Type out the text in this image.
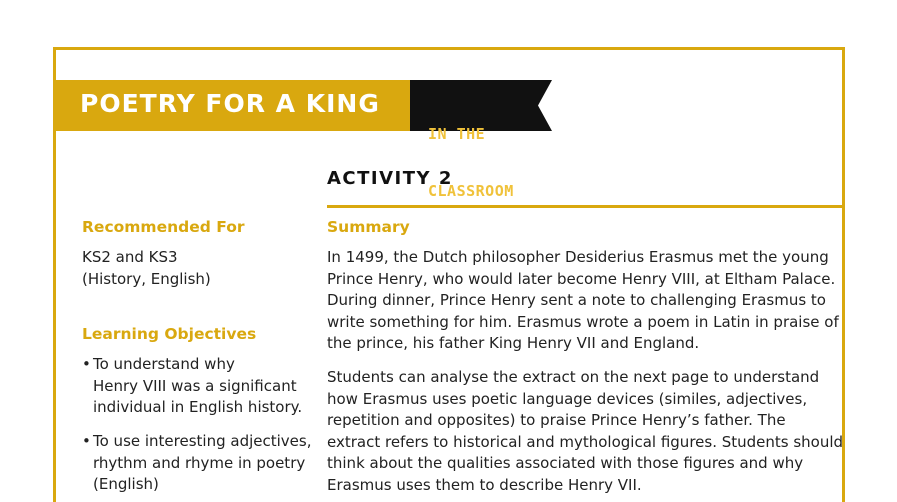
POETRY FOR A KING

IN THE

CLASSROOM

ACTIVITY 2
Recommended For
KS2 and KS3
(History, English)
Learning Objectives
• To understand why
Henry VIII was a significant
individual in English history.
• To use interesting adjectives,
rhythm and rhyme in poetry
(English)
Summary
In 1499, the Dutch philosopher Desiderius Erasmus met the young
Prince Henry, who would later become Henry VIII, at Eltham Palace.
During dinner, Prince Henry sent a note to challenging Erasmus to
write something for him. Erasmus wrote a poem in Latin in praise of
the prince, his father King Henry VII and England.
Students can analyse the extract on the next page to understand
how Erasmus uses poetic language devices (similes, adjectives,
repetition and opposites) to praise Prince Henry’s father. The
extract refers to historical and mythological figures. Students should
think about the qualities associated with those figures and why
Erasmus uses them to describe Henry VII.
